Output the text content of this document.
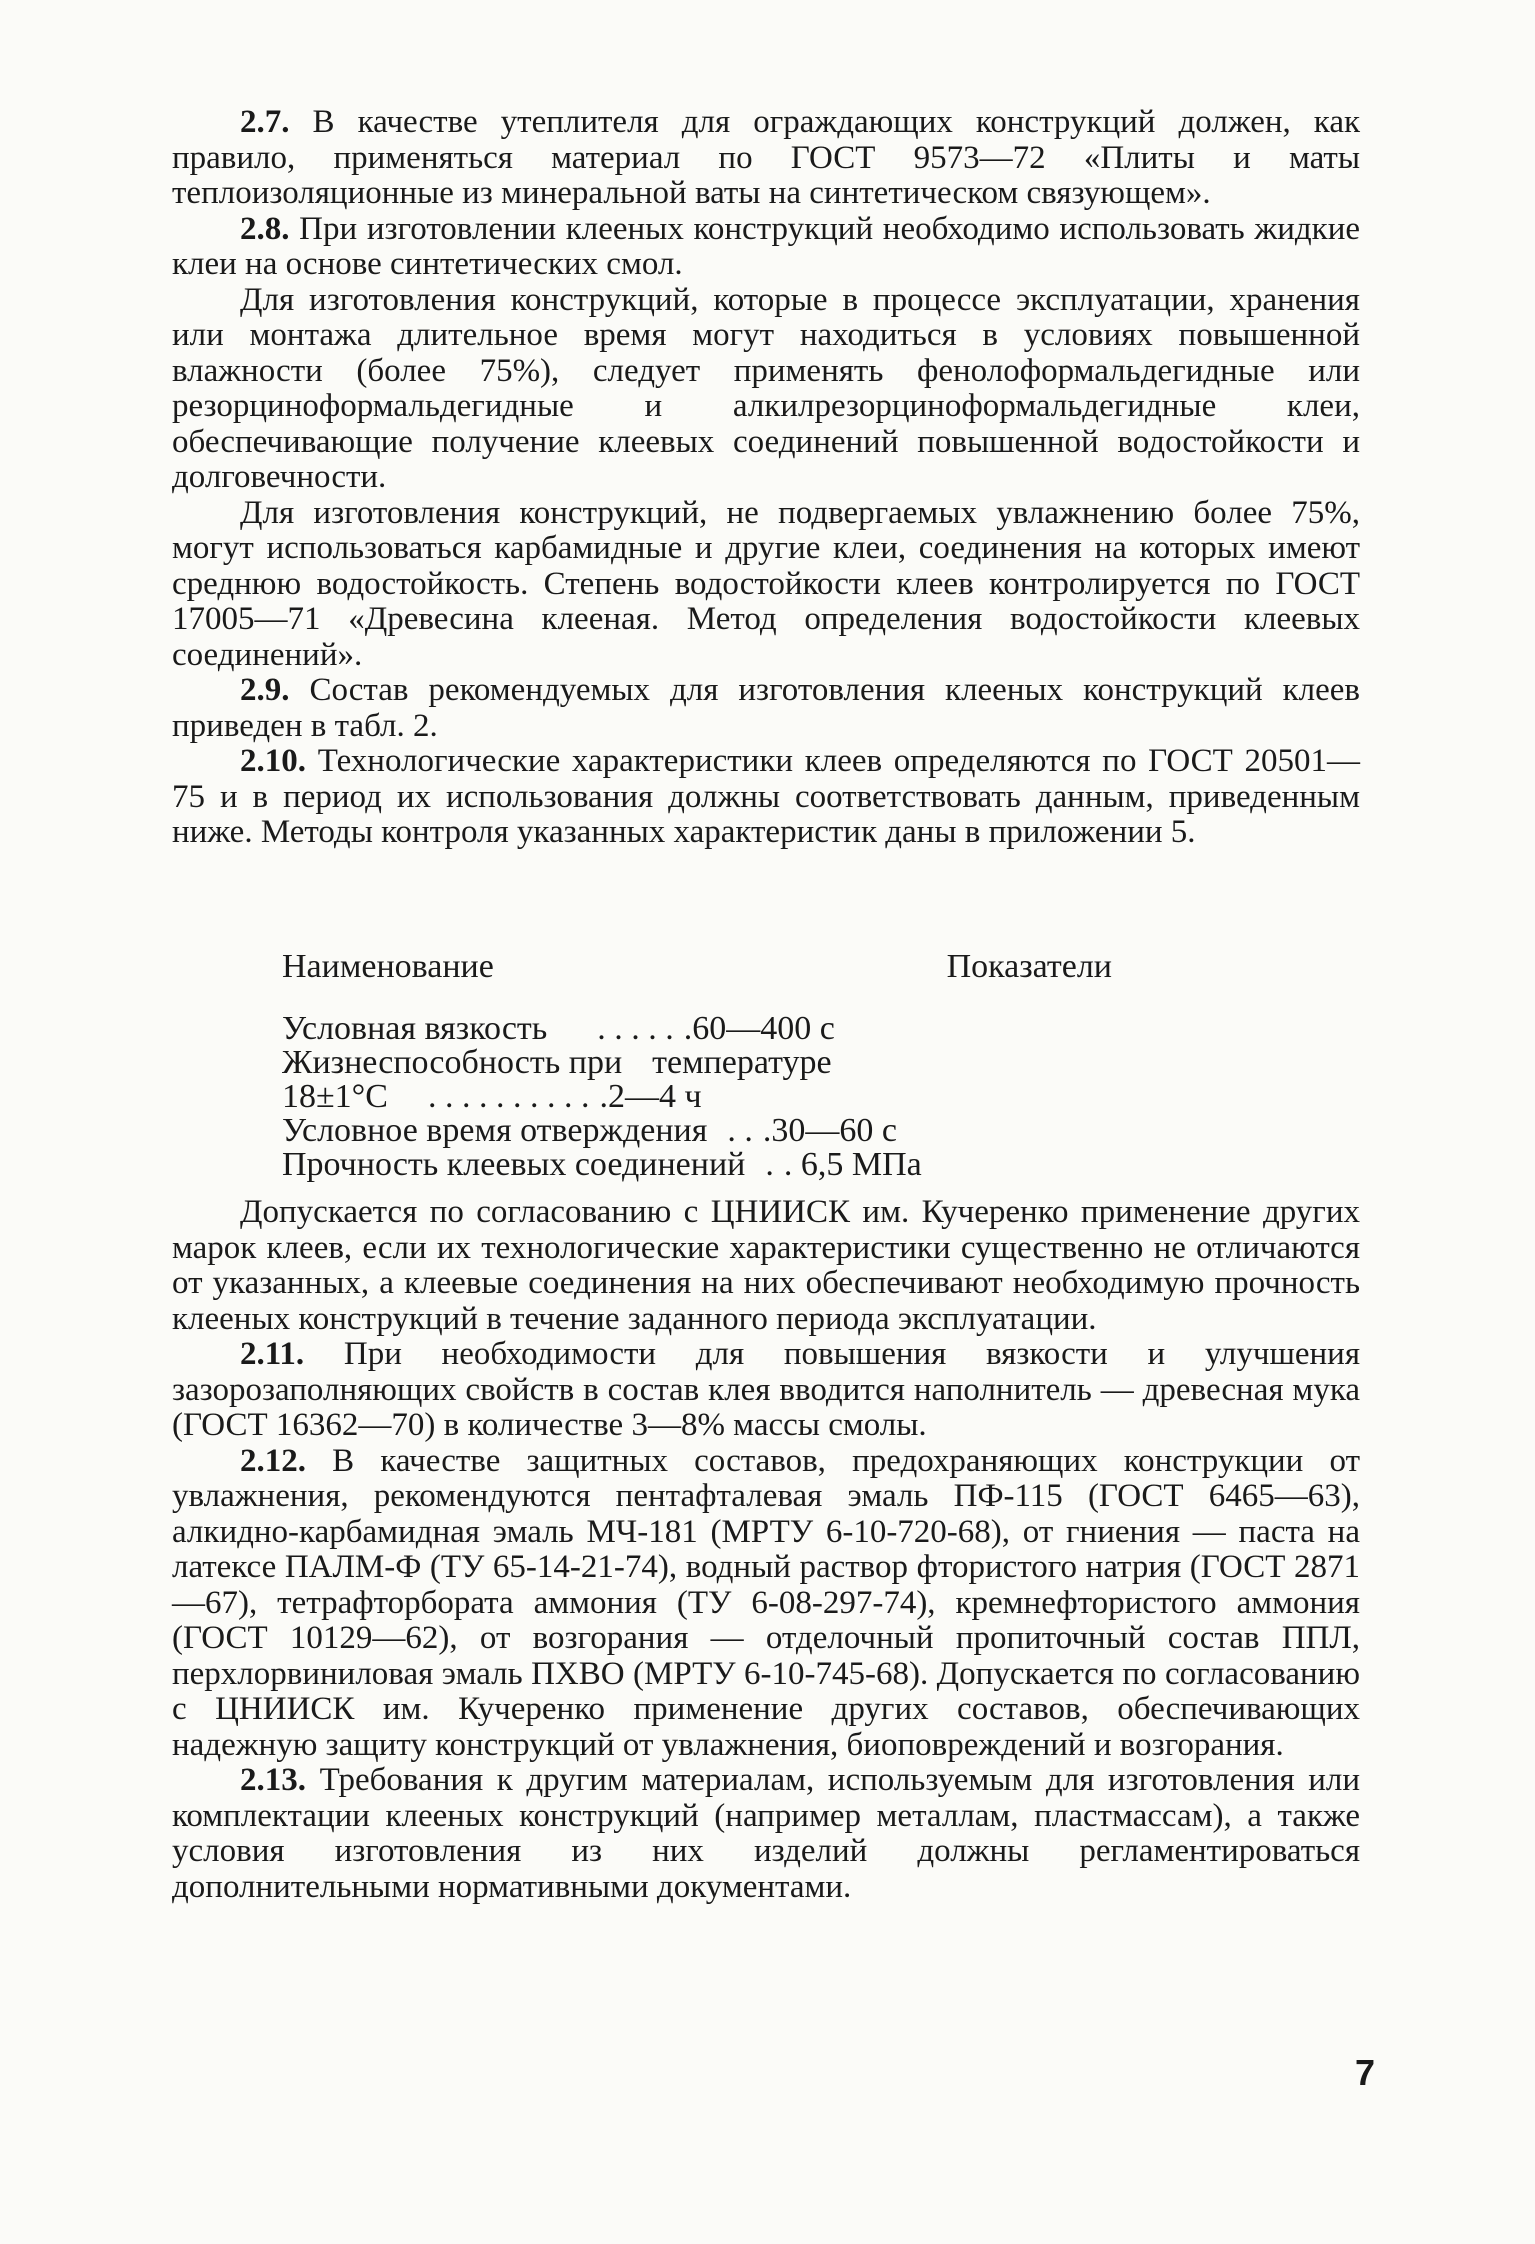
2.7. В качестве утеплителя для ограждающих конструкций должен, как правило, применяться материал по ГОСТ 9573—72 «Плиты и маты теплоизоляционные из минеральной ваты на синтетическом связующем».

2.8. При изготовлении клееных конструкций необходимо использовать жидкие клеи на основе синтетических смол.

Для изготовления конструкций, которые в процессе эксплуатации, хранения или монтажа длительное время могут находиться в условиях повышенной влажности (более 75%), следует применять фенолоформальдегидные или резорциноформальдегидные и алкилрезорциноформальдегидные клеи, обеспечивающие получение клеевых соединений повышенной водостойкости и долговечности.

Для изготовления конструкций, не подвергаемых увлажнению более 75%, могут использоваться карбамидные и другие клеи, соединения на которых имеют среднюю водостойкость. Степень водостойкости клеев контролируется по ГОСТ 17005—71 «Древесина клееная. Метод определения водостойкости клеевых соединений».

2.9. Состав рекомендуемых для изготовления клееных конструкций клеев приведен в табл. 2.

2.10. Технологические характеристики клеев определяются по ГОСТ 20501—75 и в период их использования должны соответствовать данным, приведенным ниже. Методы контроля указанных характеристик даны в приложении 5.

Наименование	Показатели
Условная вязкость . . . . . .60—400 с
Жизнеспособность при температуре
18±1°С . . . . . . . . . . .2—4 ч
Условное время отверждения . . .30—60 с
Прочность клеевых соединений . . 6,5 МПа

Допускается по согласованию с ЦНИИСК им. Кучеренко применение других марок клеев, если их технологические характеристики существенно не отличаются от указанных, а клеевые соединения на них обеспечивают необходимую прочность клееных конструкций в течение заданного периода эксплуатации.

2.11. При необходимости для повышения вязкости и улучшения зазорозаполняющих свойств в состав клея вводится наполнитель — древесная мука (ГОСТ 16362—70) в количестве 3—8% массы смолы.

2.12. В качестве защитных составов, предохраняющих конструкции от увлажнения, рекомендуются пентафталевая эмаль ПФ-115 (ГОСТ 6465—63), алкидно-карбамидная эмаль МЧ-181 (МРТУ 6-10-720-68), от гниения — паста на латексе ПАЛМ-Ф (ТУ 65-14-21-74), водный раствор фтористого натрия (ГОСТ 2871—67), тетрафторбората аммония (ТУ 6-08-297-74), кремнефтористого аммония (ГОСТ 10129—62), от возгорания — отделочный пропиточный состав ППЛ, перхлорвиниловая эмаль ПХВО (МРТУ 6-10-745-68). Допускается по согласованию с ЦНИИСК им. Кучеренко применение других составов, обеспечивающих надежную защиту конструкций от увлажнения, биоповреждений и возгорания.

2.13. Требования к другим материалам, используемым для изготовления или комплектации клееных конструкций (например металлам, пластмассам), а также условия изготовления из них изделий должны регламентироваться дополнительными нормативными документами.

7
